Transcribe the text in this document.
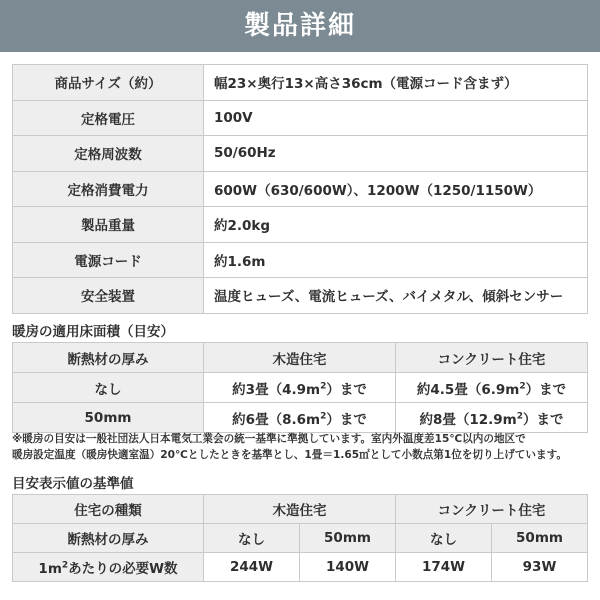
製品詳細
商品サイズ（約）	幅23×奥行13×高さ36cm（電源コード含まず）
定格電圧	100V
定格周波数	50/60Hz
定格消費電力	600W（630/600W）、1200W（1250/1150W）
製品重量	約2.0kg
電源コード	約1.6m
安全装置	温度ヒューズ、電流ヒューズ、バイメタル、傾斜センサー
暖房の適用床面積（目安）
断熱材の厚み	木造住宅	コンクリート住宅
なし	約3畳$(4.9m^2)$まで	約4.5畳$(6.9m^2)$まで
50mm	約6畳$(8.6m^2)$まで	約8畳$(12.9m^2)$まで
※暖房の目安は一般社団法人日本電気工業会の統一基準に準拠しています。室内外温度差15℃以内の地区で
暖房設定温度（暖房快適室温）20℃としたときを基準とし、1畳＝1.65㎡として小数点第1位を切り上げています。
目安表示値の基準値
住宅の種類	木造住宅		コンクリート住宅	
断熱材の厚み	なし	50mm	なし	50mm
$1m^2$あたりの必要W数	244W	140W	174W	93W
